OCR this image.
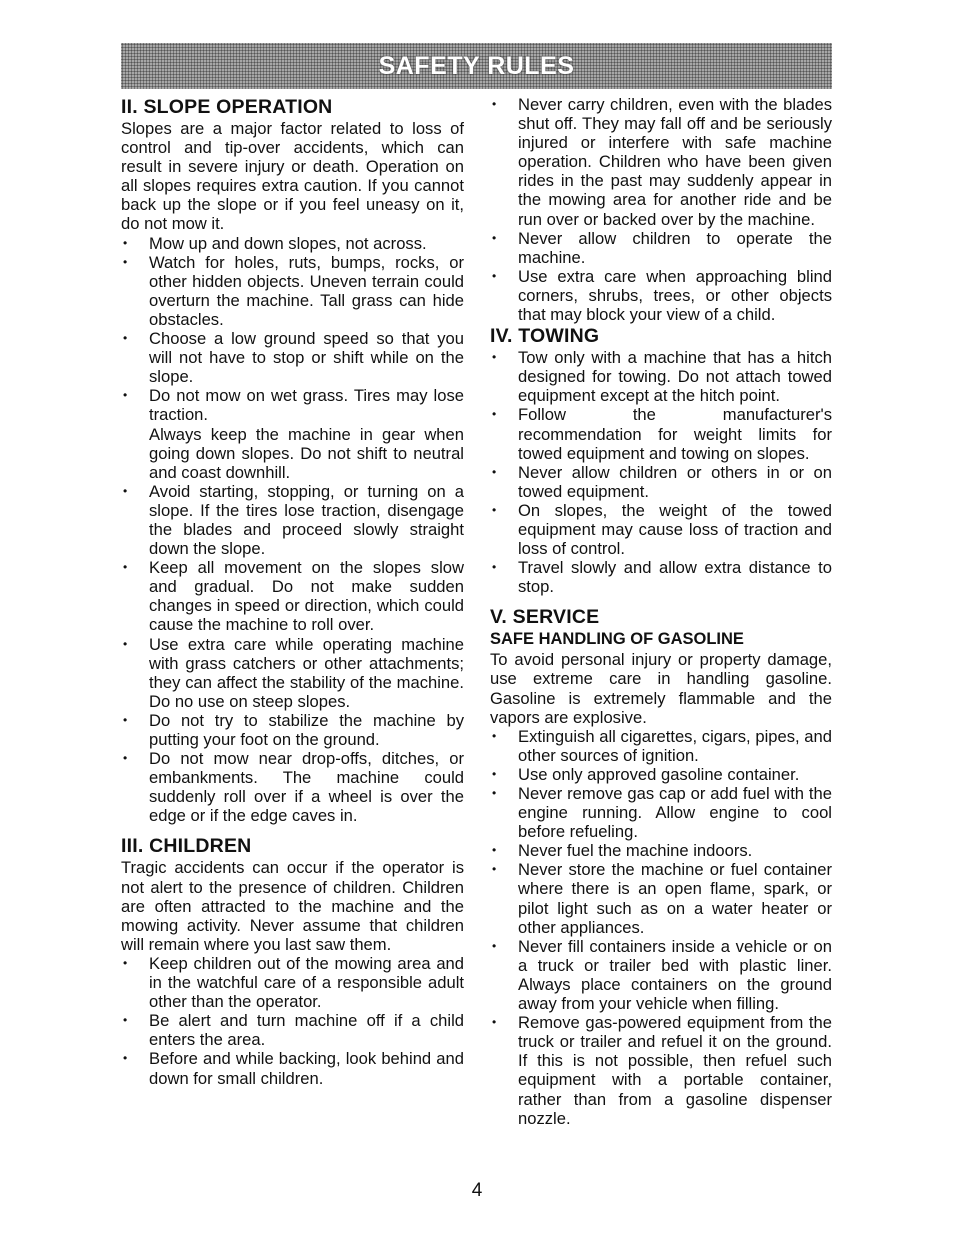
SAFETY RULES
II. SLOPE OPERATION

Slopes are a major factor related to loss of control and tip-over accidents, which can result in severe injury or death. Operation on all slopes requires extra caution. If you cannot back up the slope or if you feel uneasy on it, do not mow it.

• Mow up and down slopes, not across.
• Watch for holes, ruts, bumps, rocks, or other hidden objects. Uneven terrain could overturn the machine. Tall grass can hide obstacles.
• Choose a low ground speed so that you will not have to stop or shift while on the slope.
• Do not mow on wet grass. Tires may lose traction.

Always keep the machine in gear when going down slopes. Do not shift to neutral and coast downhill.

• Avoid starting, stopping, or turning on a slope. If the tires lose traction, disengage the blades and proceed slowly straight down the slope.
• Keep all movement on the slopes slow and gradual. Do not make sudden changes in speed or direction, which could cause the machine to roll over.
• Use extra care while operating machine with grass catchers or other attachments; they can affect the stability of the machine. Do no use on steep slopes.
• Do not try to stabilize the machine by putting your foot on the ground.
• Do not mow near drop-offs, ditches, or embankments. The machine could suddenly roll over if a wheel is over the edge or if the edge caves in.
III. CHILDREN

Tragic accidents can occur if the operator is not alert to the presence of children. Children are often attracted to the machine and the mowing activity. Never assume that children will remain where you last saw them.

• Keep children out of the mowing area and in the watchful care of a responsible adult other than the operator.
• Be alert and turn machine off if a child enters the area.
• Before and while backing, look behind and down for small children.
• Never carry children, even with the blades shut off. They may fall off and be seriously injured or interfere with safe machine operation. Children who have been given rides in the past may suddenly appear in the mowing area for another ride and be run over or backed over by the machine.
• Never allow children to operate the machine.
• Use extra care when approaching blind corners, shrubs, trees, or other objects that may block your view of a child.
IV. TOWING
• Tow only with a machine that has a hitch designed for towing. Do not attach towed equipment except at the hitch point.
• Follow the manufacturer's recommendation for weight limits for towed equipment and towing on slopes.
• Never allow children or others in or on towed equipment.
• On slopes, the weight of the towed equipment may cause loss of traction and loss of control.
• Travel slowly and allow extra distance to stop.
V. SERVICE
SAFE HANDLING OF GASOLINE

To avoid personal injury or property damage, use extreme care in handling gasoline. Gasoline is extremely flammable and the vapors are explosive.

• Extinguish all cigarettes, cigars, pipes, and other sources of ignition.
• Use only approved gasoline container.
• Never remove gas cap or add fuel with the engine running. Allow engine to cool before refueling.
• Never fuel the machine indoors.
• Never store the machine or fuel container where there is an open flame, spark, or pilot light such as on a water heater or other appliances.
• Never fill containers inside a vehicle or on a truck or trailer bed with plastic liner. Always place containers on the ground away from your vehicle when filling.
• Remove gas-powered equipment from the truck or trailer and refuel it on the ground. If this is not possible, then refuel such equipment with a portable container, rather than from a gasoline dispenser nozzle.
4
